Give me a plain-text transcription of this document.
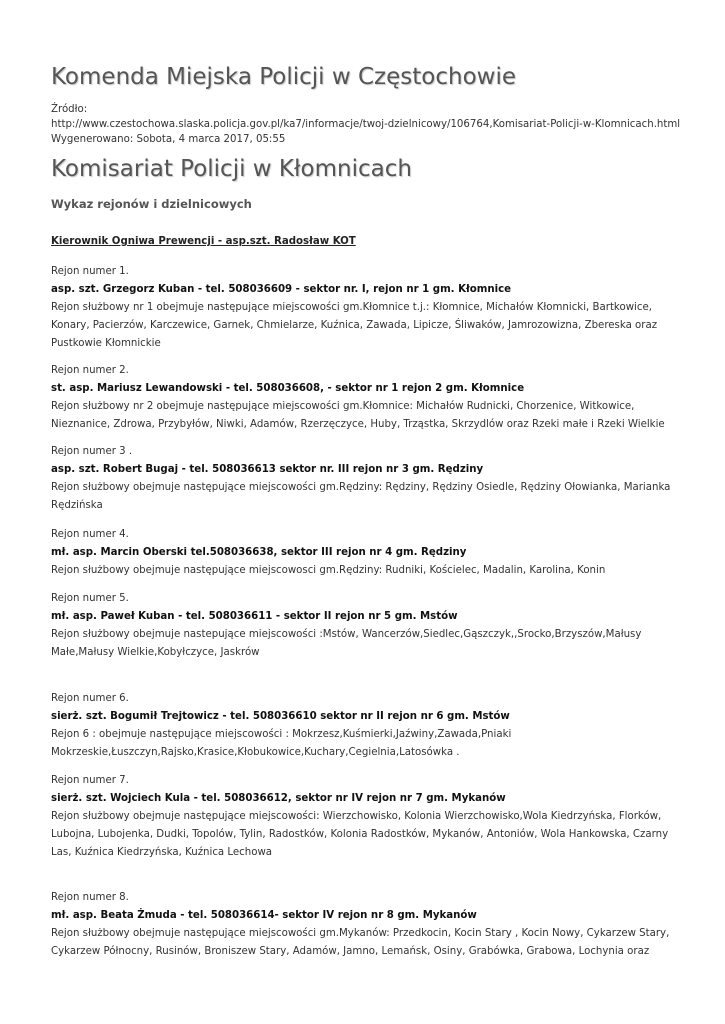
Komenda Miejska Policji w Częstochowie
Źródło:
http://www.czestochowa.slaska.policja.gov.pl/ka7/informacje/twoj-dzielnicowy/106764,Komisariat-Policji-w-Klomnicach.html
Wygenerowano: Sobota, 4 marca 2017, 05:55
Komisariat Policji w Kłomnicach
Wykaz rejonów i dzielnicowych
Kierownik Ogniwa Prewencji - asp.szt. Radosław KOT
Rejon numer 1.
asp. szt. Grzegorz Kuban - tel. 508036609 - sektor nr. I, rejon nr 1 gm. Kłomnice
Rejon służbowy nr 1 obejmuje następujące miejscowości gm.Kłomnice t.j.: Kłomnice, Michałów Kłomnicki, Bartkowice, Konary, Pacierzów, Karczewice, Garnek, Chmielarze, Kuźnica, Zawada, Lipicze, Śliwaków, Jamrozowizna, Zbereska oraz Pustkowie Kłomnickie
Rejon numer 2.
st. asp. Mariusz Lewandowski - tel. 508036608, - sektor nr 1 rejon 2 gm. Kłomnice
Rejon służbowy nr 2 obejmuje następujące miejscowości gm.Kłomnice: Michałów Rudnicki, Chorzenice, Witkowice, Nieznanice, Zdrowa, Przybyłów, Niwki, Adamów, Rzerzęczyce, Huby, Trząstka, Skrzydlów oraz Rzeki małe i Rzeki Wielkie
Rejon numer 3 .
asp. szt. Robert Bugaj - tel. 508036613 sektor nr. III rejon nr 3 gm. Rędziny
Rejon służbowy obejmuje następujące miejscowości gm.Rędziny: Rędziny, Rędziny Osiedle, Rędziny Ołowianka, Marianka Rędzińska
Rejon numer 4.
mł. asp. Marcin Oberski tel.508036638, sektor III rejon nr 4 gm. Rędziny
Rejon służbowy obejmuje następujące miejscowosci gm.Rędziny: Rudniki, Kościelec, Madalin, Karolina, Konin
Rejon numer 5.
mł. asp. Paweł Kuban - tel. 508036611 - sektor II rejon nr 5 gm. Mstów
Rejon służbowy obejmuje nastepujące miejscowości :Mstów, Wancerzów,Siedlec,Gąszczyk,,Srocko,Brzyszów,Małusy Małe,Małusy Wielkie,Kobyłczyce, Jaskrów
Rejon numer 6.
sierż. szt. Bogumił Trejtowicz - tel. 508036610 sektor nr II rejon nr 6 gm. Mstów
Rejon 6 : obejmuje następujące miejscowości : Mokrzesz,Kuśmierki,Jaźwiny,Zawada,Pniaki Mokrzeskie,Łuszczyn,Rajsko,Krasice,Kłobukowice,Kuchary,Cegielnia,Latosówka .
Rejon numer 7.
sierż. szt. Wojciech Kula - tel. 508036612, sektor nr IV rejon nr 7 gm. Mykanów
Rejon służbowy obejmuje następujące miejscowości: Wierzchowisko, Kolonia Wierzchowisko,Wola Kiedrzyńska, Florków, Lubojna, Lubojenka, Dudki, Topolów, Tylin, Radostków, Kolonia Radostków, Mykanów, Antoniów, Wola Hankowska, Czarny Las, Kuźnica Kiedrzyńska, Kuźnica Lechowa
Rejon numer 8.
mł. asp. Beata Żmuda - tel. 508036614- sektor IV rejon nr 8 gm. Mykanów
Rejon służbowy obejmuje następujące miejscowości gm.Mykanów: Przedkocin, Kocin Stary , Kocin Nowy, Cykarzew Stary, Cykarzew Północny, Rusinów, Broniszew Stary, Adamów, Jamno, Lemańsk, Osiny, Grabówka, Grabowa, Lochynia oraz
